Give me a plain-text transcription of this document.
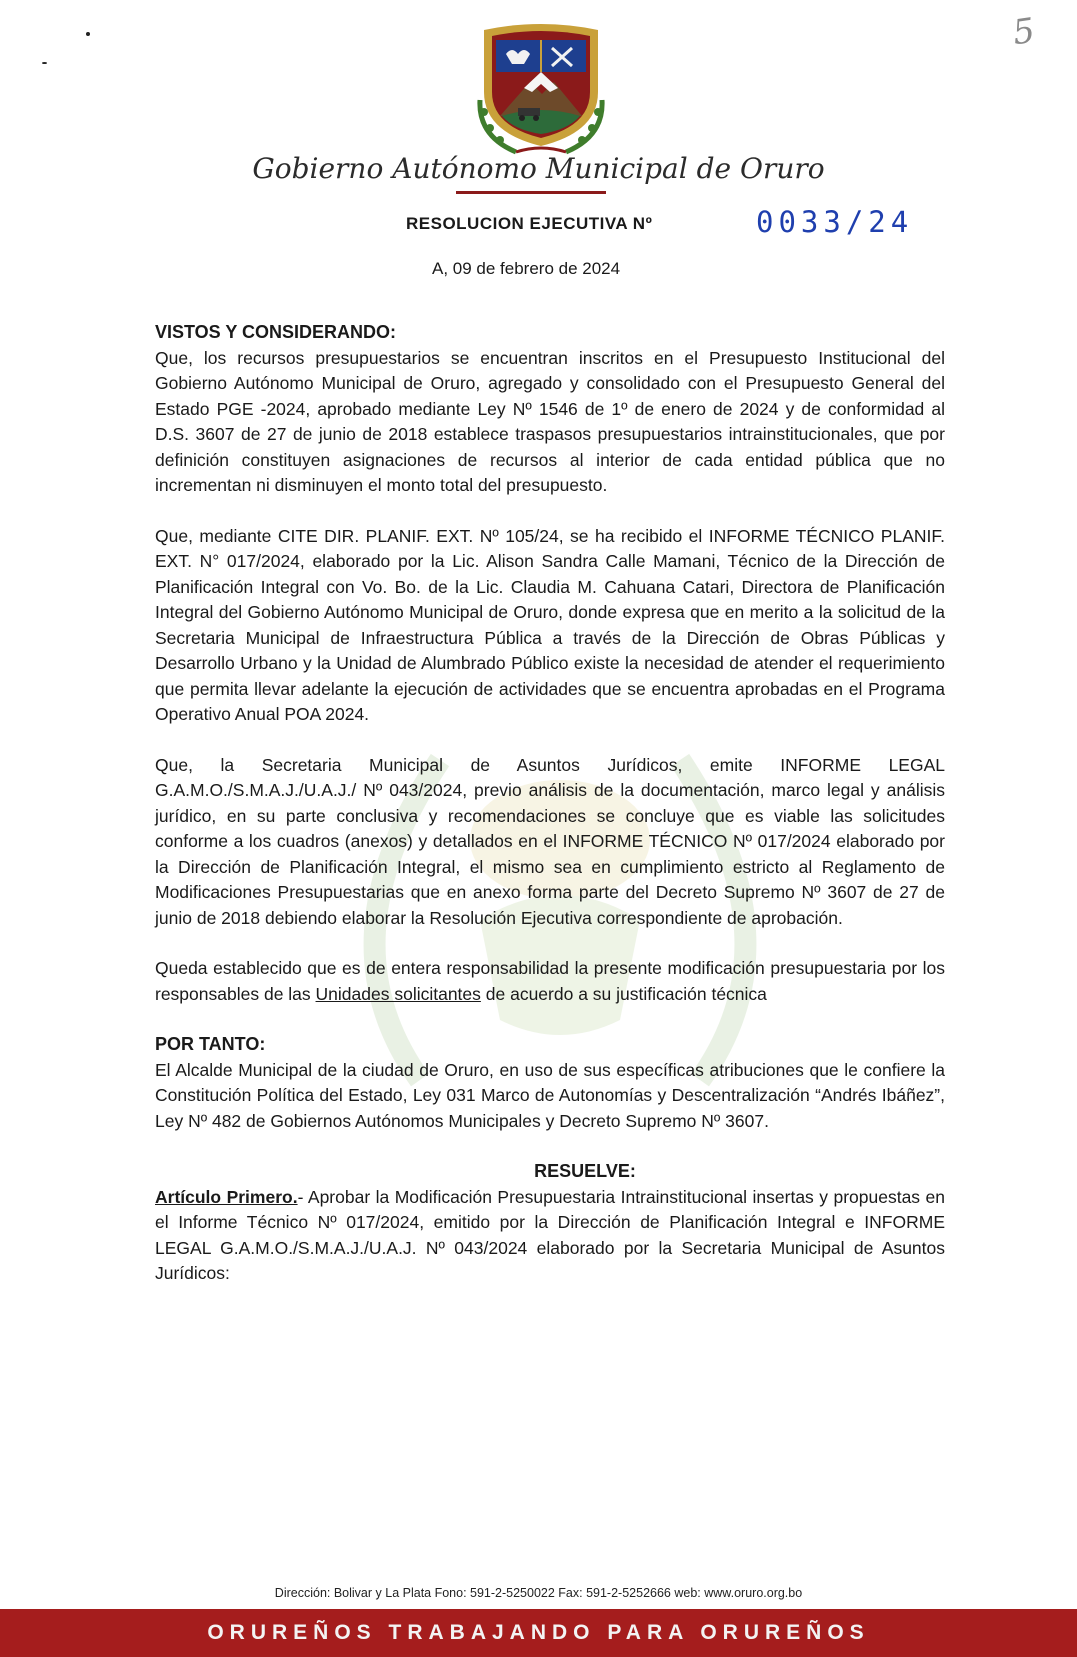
5
Gobierno Autónomo Municipal de Oruro
RESOLUCION EJECUTIVA Nº	0033/24
A, 09 de febrero de 2024

VISTOS Y CONSIDERANDO:

Que, los recursos presupuestarios se encuentran inscritos en el Presupuesto Institucional del Gobierno Autónomo Municipal de Oruro, agregado y consolidado con el Presupuesto General del Estado PGE -2024, aprobado mediante Ley Nº 1546 de 1º de enero de 2024 y de conformidad al D.S. 3607 de 27 de junio de 2018 establece traspasos presupuestarios intrainstitucionales, que por definición constituyen asignaciones de recursos al interior de cada entidad pública que no incrementan ni disminuyen el monto total del presupuesto.

Que, mediante CITE DIR. PLANIF. EXT. Nº 105/24, se ha recibido el INFORME TÉCNICO PLANIF. EXT. N° 017/2024, elaborado por la Lic. Alison Sandra Calle Mamani, Técnico de la Dirección de Planificación Integral con Vo. Bo. de la Lic. Claudia M. Cahuana Catari, Directora de Planificación Integral del Gobierno Autónomo Municipal de Oruro, donde expresa que en merito a la solicitud de la Secretaria Municipal de Infraestructura Pública a través de la Dirección de Obras Públicas y Desarrollo Urbano y la Unidad de Alumbrado Público existe la necesidad de atender el requerimiento que permita llevar adelante la ejecución de actividades que se encuentra aprobadas en el Programa Operativo Anual POA 2024.

Que, la Secretaria Municipal de Asuntos Jurídicos, emite INFORME LEGAL G.A.M.O./S.M.A.J./U.A.J./ Nº 043/2024, previo análisis de la documentación, marco legal y análisis jurídico, en su parte conclusiva y recomendaciones se concluye que es viable las solicitudes conforme a los cuadros (anexos) y detallados en el INFORME TÉCNICO Nº 017/2024 elaborado por la Dirección de Planificación Integral, el mismo sea en cumplimiento estricto al Reglamento de Modificaciones Presupuestarias que en anexo forma parte del Decreto Supremo Nº 3607 de 27 de junio de 2018 debiendo elaborar la Resolución Ejecutiva correspondiente de aprobación.

Queda establecido que es de entera responsabilidad la presente modificación presupuestaria por los responsables de las Unidades solicitantes de acuerdo a su justificación técnica

POR TANTO:

El Alcalde Municipal de la ciudad de Oruro, en uso de sus específicas atribuciones que le confiere la Constitución Política del Estado, Ley 031 Marco de Autonomías y Descentralización “Andrés Ibáñez”, Ley Nº 482 de Gobiernos Autónomos Municipales y Decreto Supremo Nº 3607.

RESUELVE:

Artículo Primero.- Aprobar la Modificación Presupuestaria Intrainstitucional insertas y propuestas en el Informe Técnico Nº 017/2024, emitido por la Dirección de Planificación Integral e INFORME LEGAL G.A.M.O./S.M.A.J./U.A.J. Nº 043/2024 elaborado por la Secretaria Municipal de Asuntos Jurídicos:

Dirección: Bolivar y La Plata Fono: 591-2-5250022 Fax: 591-2-5252666 web: www.oruro.org.bo
ORUREÑOS TRABAJANDO PARA ORUREÑOS
